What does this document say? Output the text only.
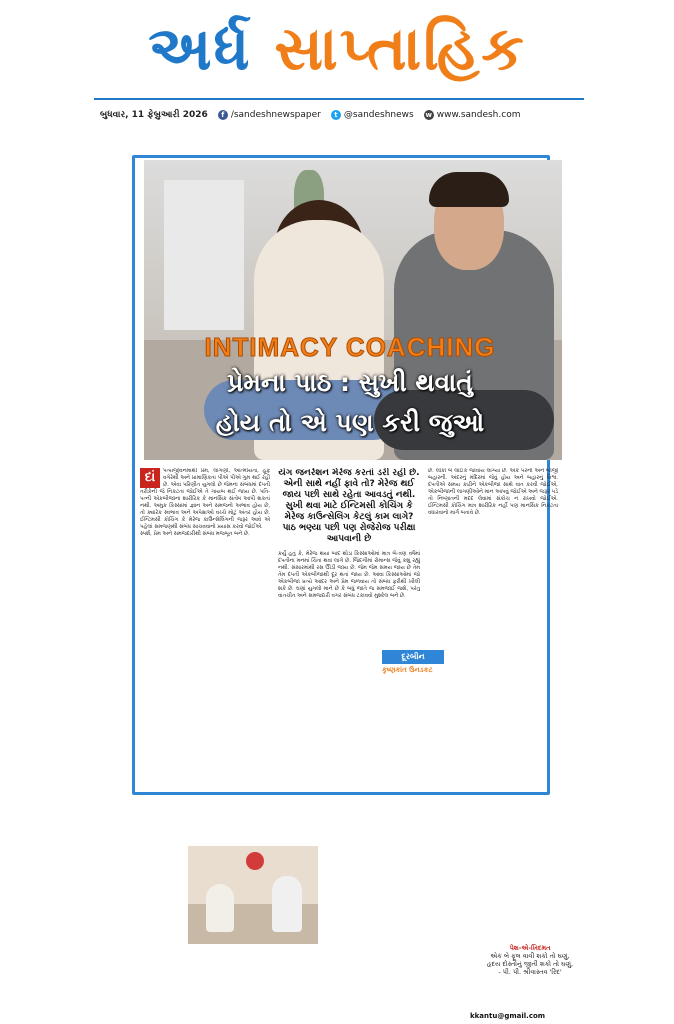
અર્ધ સાપ્તાહિક
બુધવાર, 11 ફેબ્રુઆરી 2026	f /sandeshnewspaper	t @sandeshnews w www.sandesh.com
INTIMACY COACHING
પ્રેમના પાઠ : સુખી થવાતું
હોય તો એ પણ કરી જુઓ
દાં	પત્યજીવનમાંથી પ્રેમ, લાગણી, આત્મીયતા, હૂંફ વગેરેથી અને પ્રામાણિકતા પીએ પીએ ગુમ થઈ રહી છે. એવા પરિણીત યુગલો છે જેમના સંબંધમાં દંપતી તરીકેની જે નિકટતા જોઈએ તે ગાયબ થઈ જાય છે. પતિ-પત્ની એકબીજાના શારીરિક કે માનસિક સંતોષ આપી શકતાં નથી. અમુક કિસ્સામાં જ્ઞાન અને સમજનો અભાવ હોય છે, તો ક્યારેક સ્વભાવ અને અપેક્ષાઓ વચ્ચે મોટું અંતર હોય છે. ઈન્ટિમસી કોચિંગ કે મેરેજ કાઉન્સેલિંગની જરૂર આવે એ પહેલાં સમજણથી સંબંધ સાચવવાનો પ્રયાસ કરવો જોઈએ.
સ્પર્શ, પ્રેમ અને સમજદારીથી સંબંધ મજબૂત બને છે.
યંગ જનરેશન મેરેજ કરતાં ડરી રહી છે. એની સાથે નહીં ફાવે તો? મેરેજ થઈ જાય પછી સાથે રહેતા આવડતું નથી. સુખી થવા માટે ઈન્ટિમસી કોચિંગ કે મેરેજ કાઉન્સેલિંગ કેટલું કામ લાગે? પાઠ ભણ્યા પછી પણ રોજેરોજ પરીક્ષા આપવાની છે
કર્યું હતું કે, મેરેજ થયા બાદ થોડા કિસ્સાઓમાં માત્ર બે-ત્રણ વર્ષમાં દંપતીના મનમાં ચિંતા થવા લાગે છે. જિંદગીમાં રોમાન્સ જેવું કશું રહ્યું નથી. સંસારમાંથી રસ ઊડી જાય છે. જેમ જેમ સમય જાય છે તેમ તેમ દંપતી એકબીજાથી દૂર થતાં જાય છે. આવા કિસ્સાઓમાં જો એકબીજા પ્રત્યે આદર અને પ્રેમ જળવાય તો સંબંધ ફરીથી ખીલી શકે છે. ઘણાં યુગલો માને છે કે બધું જાતે જ સમજાઈ જશે, પરંતુ વાતચીત અને સમજદારી વગર સંબંધ ટકાવવો મુશ્કેલ બને છે.
છે. લોકો બે લાઈક જોવાય લાગ્યા છે. એકે પરની અને બીજી બહારની. અંદરનું મંદિરમાં જેવું હોય અને બહારનું વિશ્વ. દંપતીએ સમય કાઢીને એકબીજા સાથે વાત કરવી જોઈએ, એકબીજાની લાગણીઓને માન આપવું જોઈએ અને જરૂર પડે તો નિષ્ણાતની મદદ લેવામાં સંકોચ ન રાખવો જોઈએ. ઈન્ટિમસી કોચિંગ માત્ર શારીરિક નહીં પણ માનસિક નિકટતા વધારવાનો માર્ગ બતાવે છે.
દૂરબીન
કૃષ્ણકાંત ઉનડકટ
પેશ-એ-ખિદમત
એક બે ફૂલ વાવી શકો તો ઘણું,
હૃદય દોસ્તોનું જીતી શકો તો ઘણું,
- પી. પી. શ્રીવાસ્તવ 'રિંદ'
kkantu@gmail.com
